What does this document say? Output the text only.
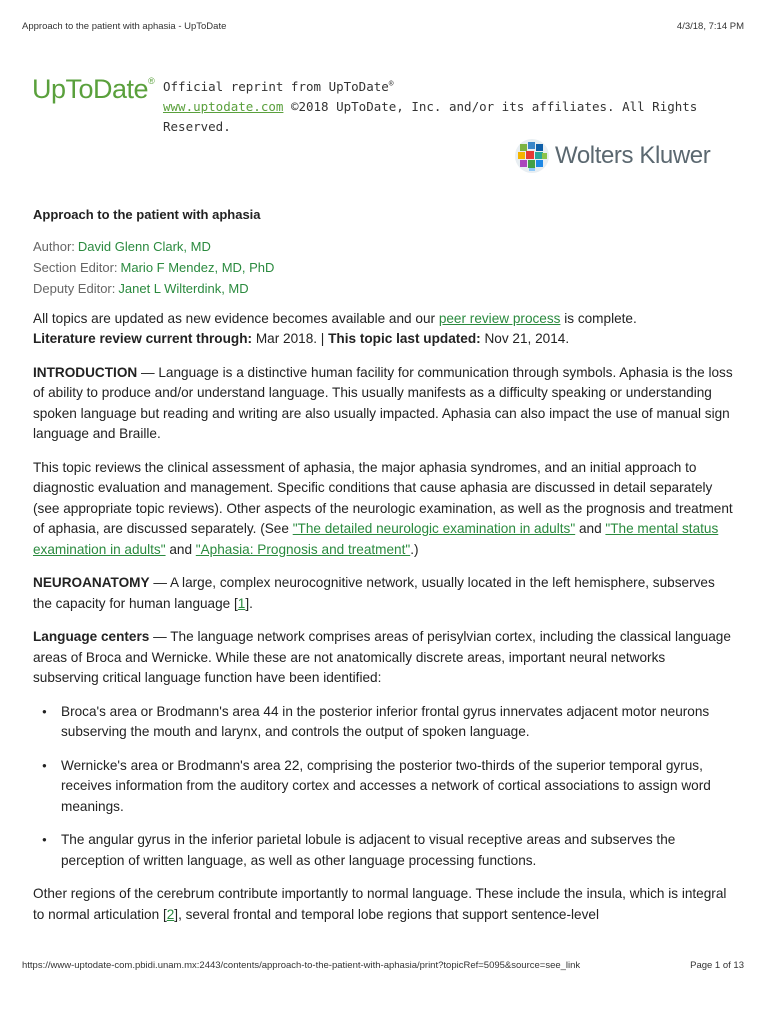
Approach to the patient with aphasia - UpToDate	4/3/18, 7:14 PM
UpToDate® Official reprint from UpToDate®
www.uptodate.com ©2018 UpToDate, Inc. and/or its affiliates. All Rights Reserved.
Wolters Kluwer
Approach to the patient with aphasia
Author: David Glenn Clark, MD
Section Editor: Mario F Mendez, MD, PhD
Deputy Editor: Janet L Wilterdink, MD
All topics are updated as new evidence becomes available and our peer review process is complete.
Literature review current through: Mar 2018. | This topic last updated: Nov 21, 2014.

INTRODUCTION — Language is a distinctive human facility for communication through symbols. Aphasia is the loss of ability to produce and/or understand language. This usually manifests as a difficulty speaking or understanding spoken language but reading and writing are also usually impacted. Aphasia can also impact the use of manual sign language and Braille.

This topic reviews the clinical assessment of aphasia, the major aphasia syndromes, and an initial approach to diagnostic evaluation and management. Specific conditions that cause aphasia are discussed in detail separately (see appropriate topic reviews). Other aspects of the neurologic examination, as well as the prognosis and treatment of aphasia, are discussed separately. (See "The detailed neurologic examination in adults" and "The mental status examination in adults" and "Aphasia: Prognosis and treatment".)

NEUROANATOMY — A large, complex neurocognitive network, usually located in the left hemisphere, subserves the capacity for human language [1].

Language centers — The language network comprises areas of perisylvian cortex, including the classical language areas of Broca and Wernicke. While these are not anatomically discrete areas, important neural networks subserving critical language function have been identified:

● Broca's area or Brodmann's area 44 in the posterior inferior frontal gyrus innervates adjacent motor neurons subserving the mouth and larynx, and controls the output of spoken language.
● Wernicke's area or Brodmann's area 22, comprising the posterior two-thirds of the superior temporal gyrus, receives information from the auditory cortex and accesses a network of cortical associations to assign word meanings.
● The angular gyrus in the inferior parietal lobule is adjacent to visual receptive areas and subserves the perception of written language, as well as other language processing functions.

Other regions of the cerebrum contribute importantly to normal language. These include the insula, which is integral to normal articulation [2], several frontal and temporal lobe regions that support sentence-level

https://www-uptodate-com.pbidi.unam.mx:2443/contents/approach-to-the-patient-with-aphasia/print?topicRef=5095&source=see_link	Page 1 of 13
